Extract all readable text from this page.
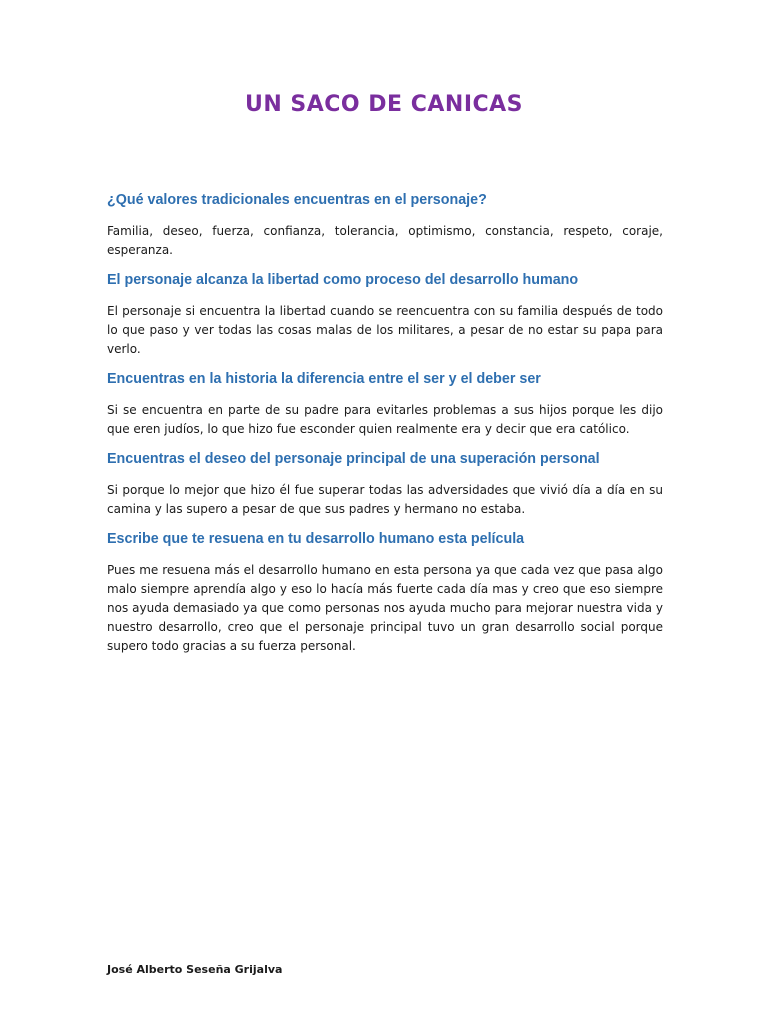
UN SACO DE CANICAS
¿Qué valores tradicionales encuentras en el personaje?

Familia, deseo, fuerza, confianza, tolerancia, optimismo, constancia, respeto, coraje, esperanza.

El personaje alcanza la libertad como proceso del desarrollo humano

El personaje si encuentra la libertad cuando se reencuentra con su familia después de todo lo que paso y ver todas las cosas malas de los militares, a pesar de no estar su papa para verlo.

Encuentras en la historia la diferencia entre el ser y el deber ser

Si se encuentra en parte de su padre para evitarles problemas a sus hijos porque les dijo que eren judíos, lo que hizo fue esconder quien realmente era y decir que era católico.

Encuentras el deseo del personaje principal de una superación personal

Si porque lo mejor que hizo él fue superar todas las adversidades que vivió día a día en su camina y las supero a pesar de que sus padres y hermano no estaba.

Escribe que te resuena en tu desarrollo humano esta película

Pues me resuena más el desarrollo humano en esta persona ya que cada vez que pasa algo malo siempre aprendía algo y eso lo hacía más fuerte cada día mas y creo que eso siempre nos ayuda demasiado ya que como personas nos ayuda mucho para mejorar nuestra vida y nuestro desarrollo, creo que el personaje principal tuvo un gran desarrollo social porque supero todo gracias a su fuerza personal.

José Alberto Seseña Grijalva
